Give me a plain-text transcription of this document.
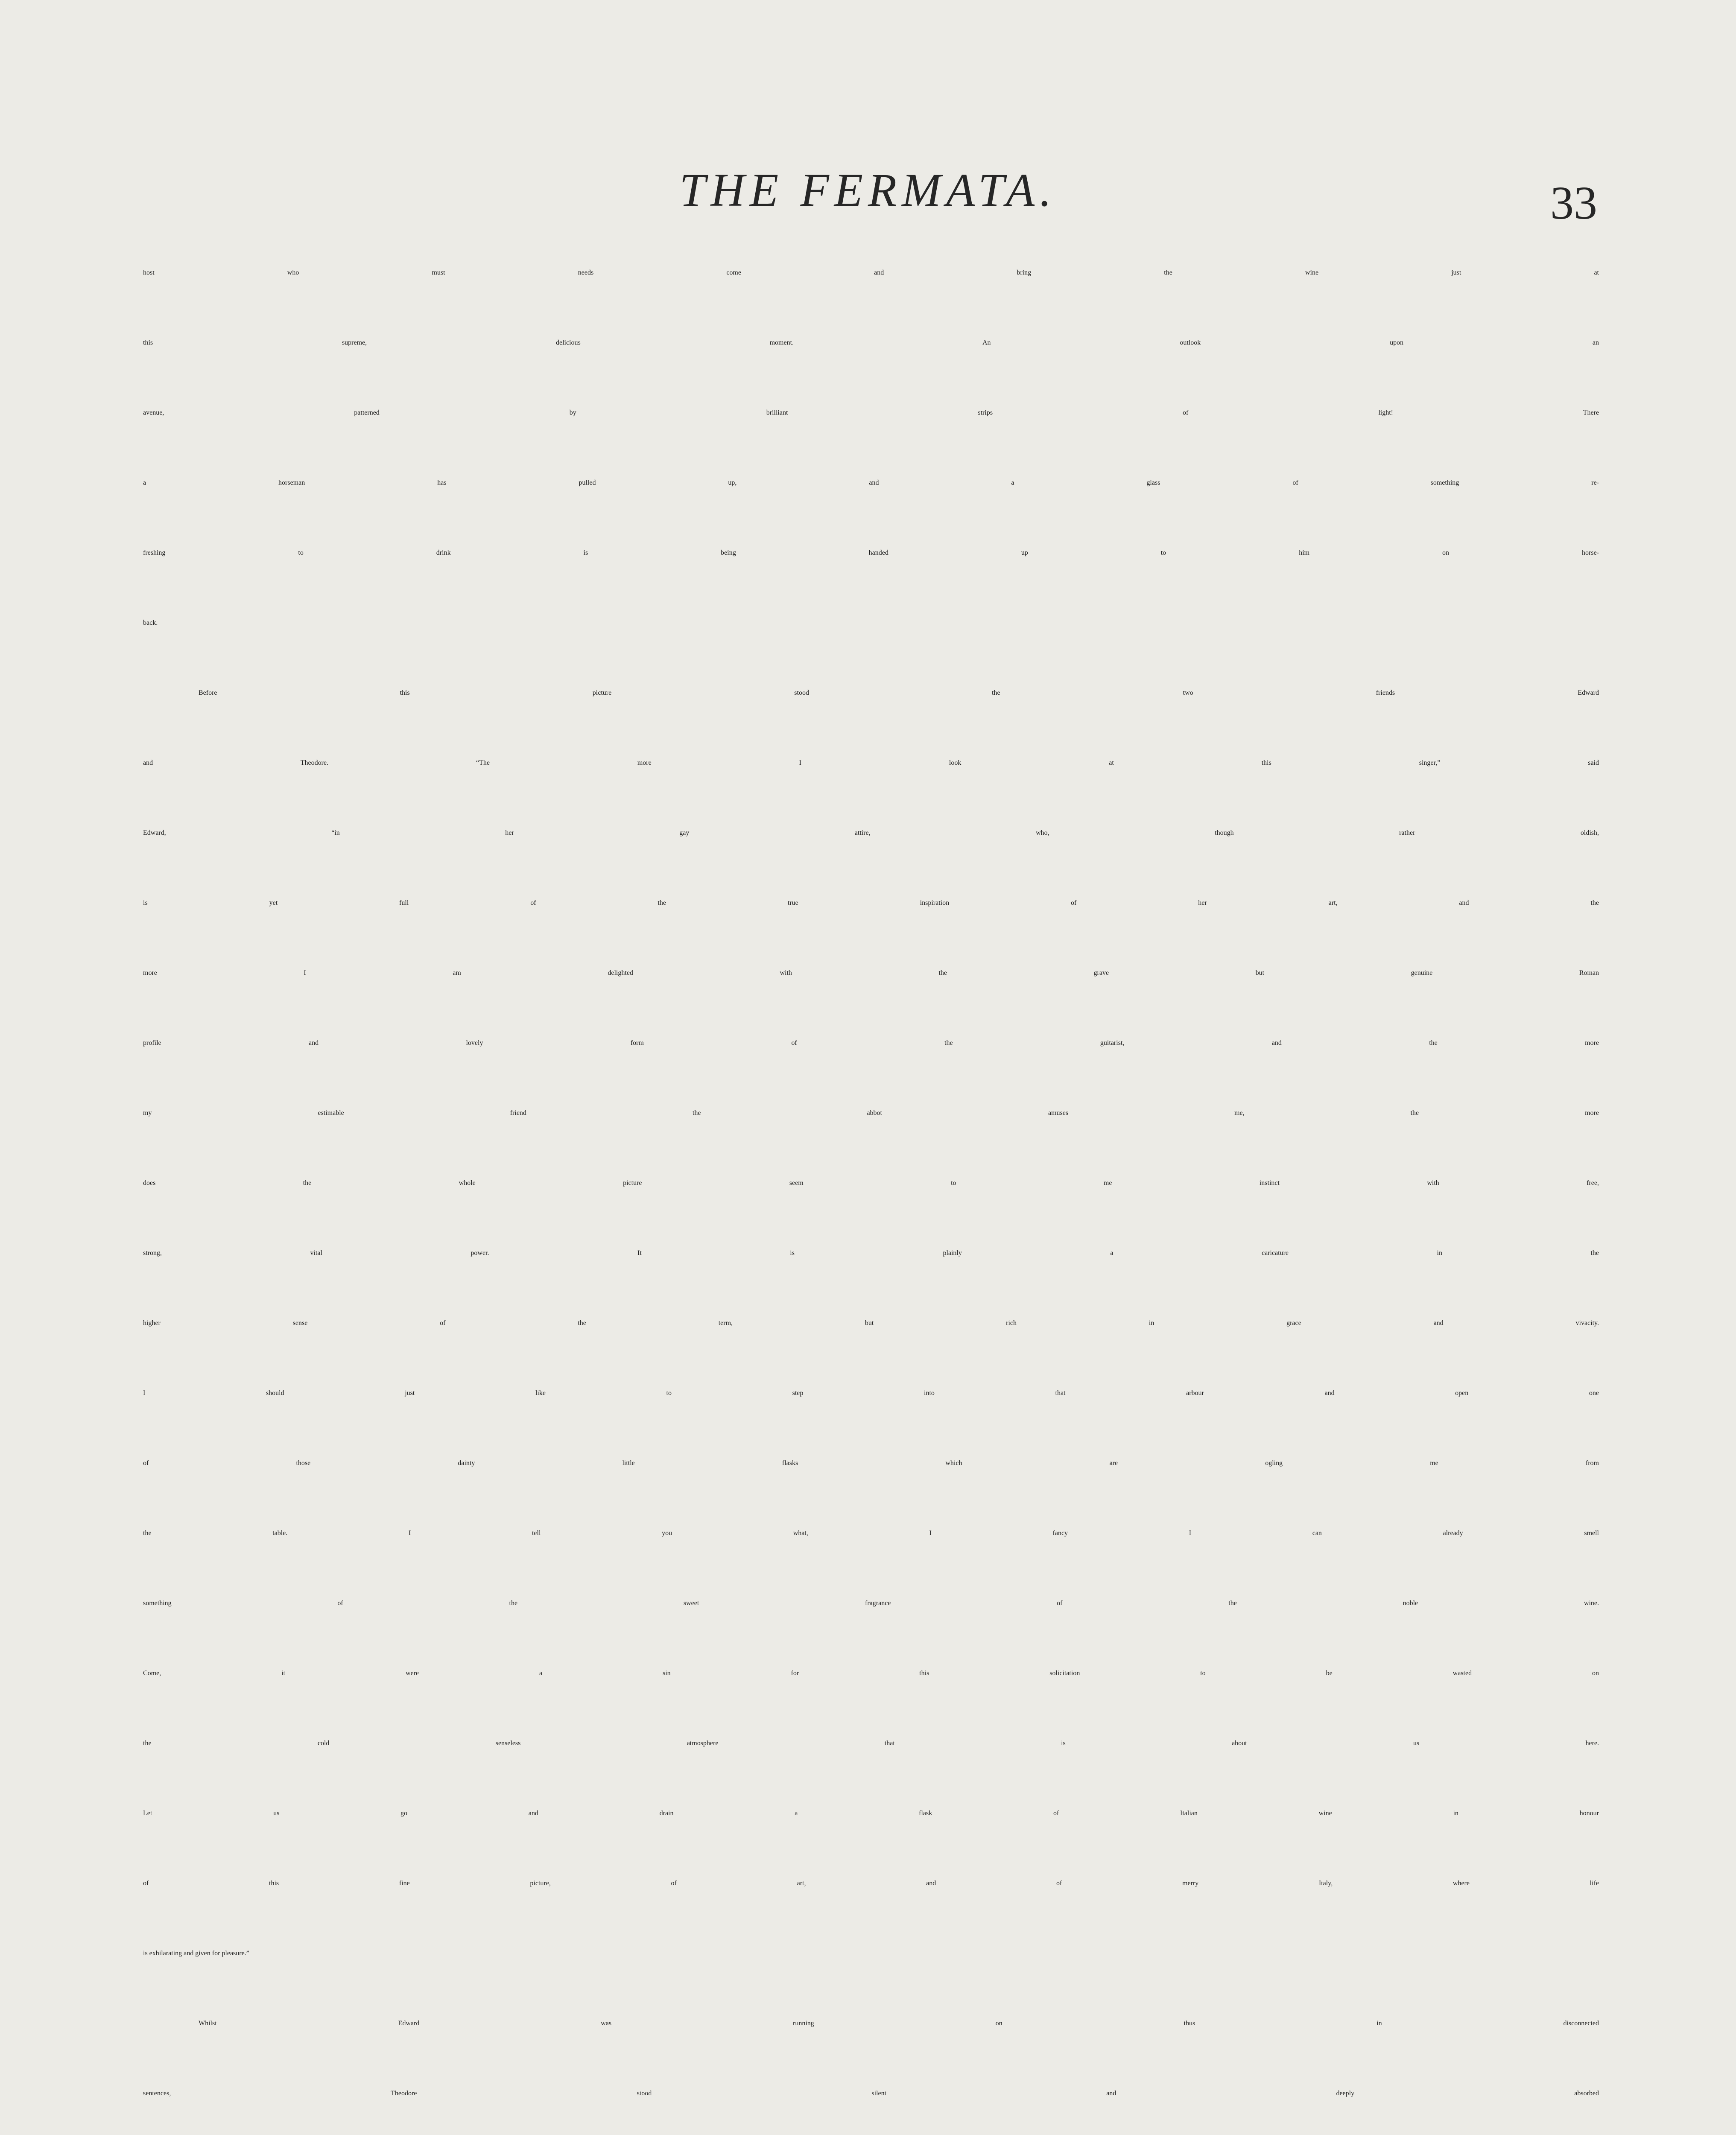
THE FERMATA.	33
host who must needs come and bring the wine just at
this supreme, delicious moment. An outlook upon an
avenue, patterned by brilliant strips of light! There
a horseman has pulled up, and a glass of something re-
freshing to drink is being handed up to him on horse-
back.
Before this picture stood the two friends Edward
and Theodore. “The more I look at this singer,” said
Edward, “in her gay attire, who, though rather oldish,
is yet full of the true inspiration of her art, and the
more I am delighted with the grave but genuine Roman
profile and lovely form of the guitarist, and the more
my estimable friend the abbot amuses me, the more
does the whole picture seem to me instinct with free,
strong, vital power. It is plainly a caricature in the
higher sense of the term, but rich in grace and vivacity.
I should just like to step into that arbour and open one
of those dainty little flasks which are ogling me from
the table. I tell you what, I fancy I can already smell
something of the sweet fragrance of the noble wine.
Come, it were a sin for this solicitation to be wasted on
the cold senseless atmosphere that is about us here.
Let us go and drain a flask of Italian wine in honour
of this fine picture, of art, and of merry Italy, where life
is exhilarating and given for pleasure.”
Whilst Edward was running on thus in disconnected
sentences, Theodore stood silent and deeply absorbed
